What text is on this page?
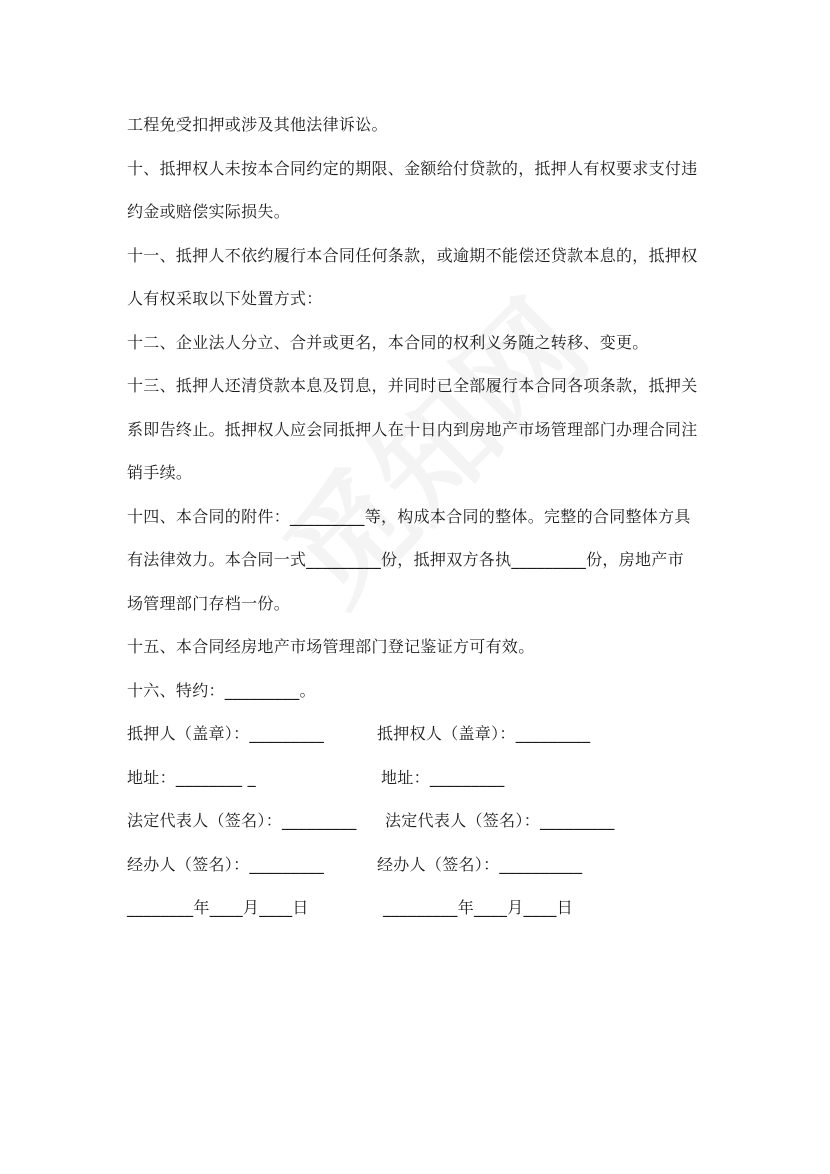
工程免受扣押或涉及其他法律诉讼。
十、抵押权人未按本合同约定的期限、金额给付贷款的，抵押人有权要求支付违
约金或赔偿实际损失。
十一、抵押人不依约履行本合同任何条款，或逾期不能偿还贷款本息的，抵押权
人有权采取以下处置方式：
十二、企业法人分立、合并或更名，本合同的权利义务随之转移、变更。
十三、抵押人还清贷款本息及罚息，并同时已全部履行本合同各项条款，抵押关
系即告终止。抵押权人应会同抵押人在十日内到房地产市场管理部门办理合同注
销手续。
十四、本合同的附件：_________等，构成本合同的整体。完整的合同整体方具
有法律效力。本合同一式_________份，抵押双方各执_________份，房地产市
场管理部门存档一份。
十五、本合同经房地产市场管理部门登记鉴证方可有效。
十六、特约：_________。
抵押人（盖章）：_________	抵押权人（盖章）：_________
地址：________ _	地址：_________
法定代表人（签名）：_________ 法定代表人（签名）：_________
经办人（签名）：_________	经办人（签名）：__________
________年____月____日	_________年____月____日
